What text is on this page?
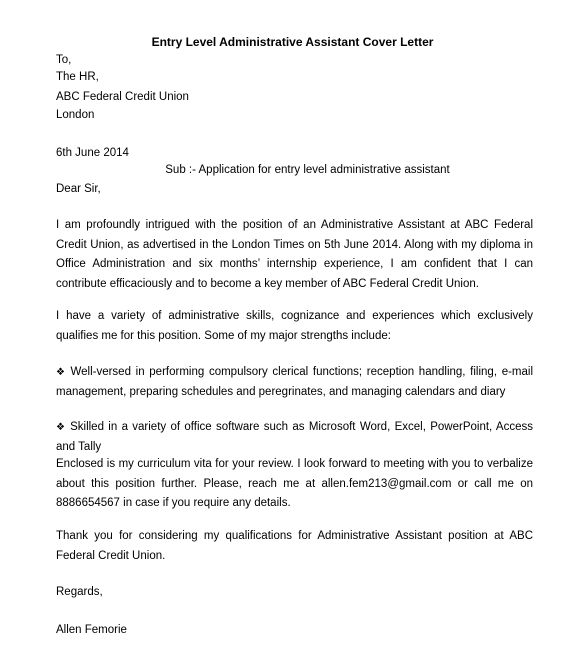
Entry Level Administrative Assistant Cover Letter
To,
The HR,
ABC Federal Credit Union
London
6th June 2014
Sub :- Application for entry level administrative assistant
Dear Sir,
I am profoundly intrigued with the position of an Administrative Assistant at ABC Federal Credit Union, as advertised in the London Times on 5th June 2014. Along with my diploma in Office Administration and six months’ internship experience, I am confident that I can contribute efficaciously and to become a key member of ABC Federal Credit Union.
I have a variety of administrative skills, cognizance and experiences which exclusively qualifies me for this position. Some of my major strengths include:
❖ Well-versed in performing compulsory clerical functions; reception handling, filing, e-mail management, preparing schedules and peregrinates, and managing calendars and diary
❖ Skilled in a variety of office software such as Microsoft Word, Excel, PowerPoint, Access and Tally
Enclosed is my curriculum vita for your review. I look forward to meeting with you to verbalize about this position further. Please, reach me at allen.fem213@gmail.com or call me on 8886654567 in case if you require any details.
Thank you for considering my qualifications for Administrative Assistant position at ABC Federal Credit Union.
Regards,
Allen Femorie
